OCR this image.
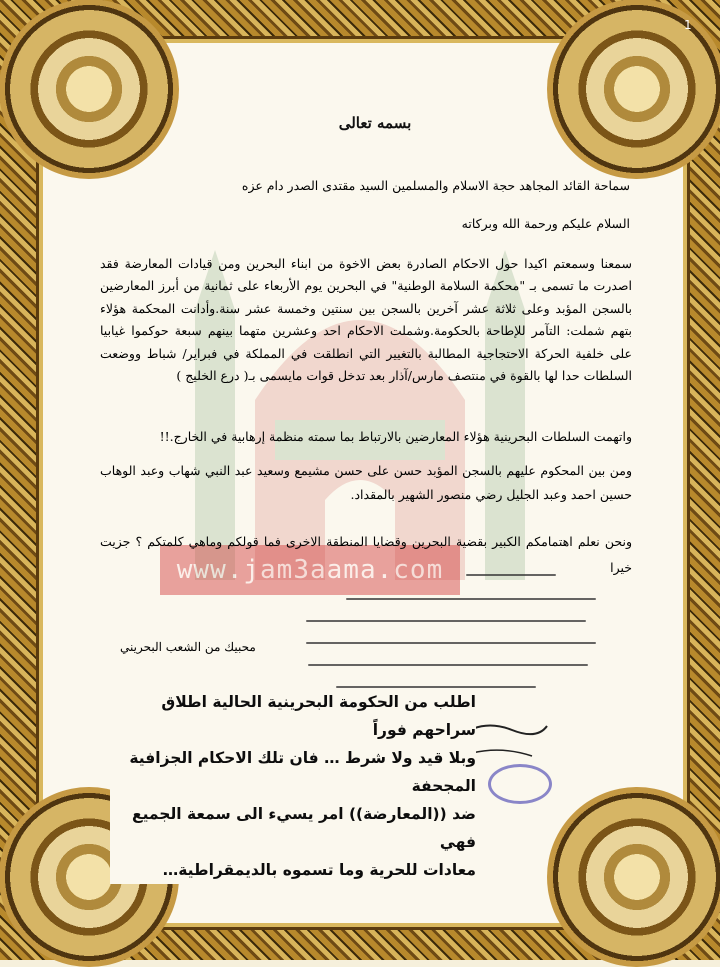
1
www.jam3aama.com
بسمه تعالى

سماحة القائد المجاهد حجة الاسلام والمسلمين السيد مقتدى الصدر دام عزه

السلام عليكم ورحمة الله وبركاته

سمعنا وسمعتم اكيدا حول الاحكام الصادرة بعض الاخوة من ابناء البحرين ومن قيادات المعارضة فقد اصدرت ما تسمى بـ "محكمة السلامة الوطنية" في البحرين يوم الأربعاء على ثمانية من أبرز المعارضين بالسجن المؤبد وعلى ثلاثة عشر آخرين بالسجن بين سنتين وخمسة عشر سنة.وأدانت المحكمة هؤلاء بتهم شملت: التآمر للإطاحة بالحكومة.وشملت الاحكام احد وعشرين متهما بينهم سبعة حوكموا غيابيا على خلفية الحركة الاحتجاجية المطالبة بالتغيير التي انطلقت في المملكة في فبراير/ شباط ووضعت السلطات حدا لها بالقوة في منتصف مارس/آذار بعد تدخل قوات مايسمى بـ( درع الخليج )

واتهمت السلطات البحرينية هؤلاء المعارضين بالارتباط بما سمته منظمة إرهابية في الخارج.!!

ومن بين المحكوم عليهم بالسجن المؤبد حسن على حسن مشيمع وسعيد عبد النبي شهاب وعبد الوهاب حسين احمد وعبد الجليل رضي منصور الشهير بالمقداد.

ونحن نعلم اهتمامكم الكبير بقضية البحرين وقضايا المنطقة الاخرى فما قولكم وماهي كلمتكم ؟ جزيت خيرا

محبيك من الشعب البحريني

اطلب من الحكومة البحرينية الحالية اطلاق سراحهم فوراً
وبلا قيد ولا شرط … فان تلك الاحكام الجزافية المجحفة
ضد ((المعارضة)) امر يسيء الى سمعة الجميع فهي
معادات للحرية وما تسموه بالديمقراطية…
